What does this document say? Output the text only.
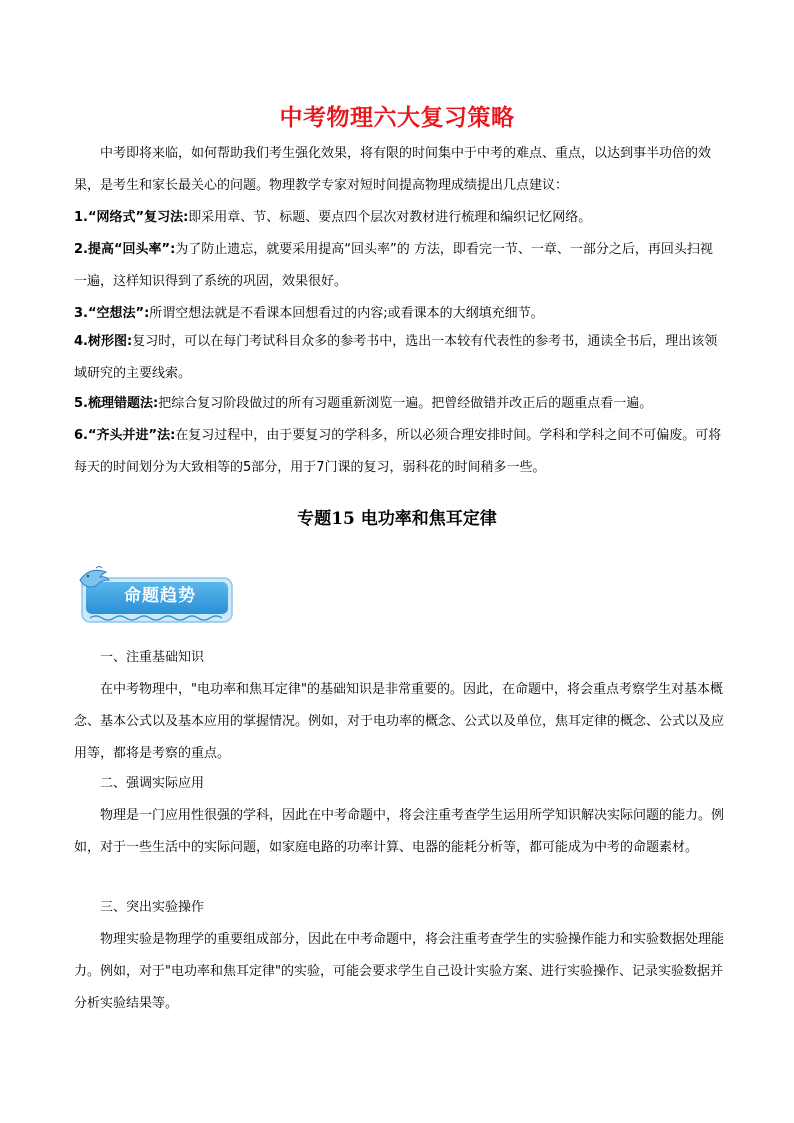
中考物理六大复习策略

中考即将来临，如何帮助我们考生强化效果，将有限的时间集中于中考的难点、重点，以达到事半功倍的效果，是考生和家长最关心的问题。物理教学专家对短时间提高物理成绩提出几点建议：

1.“网络式”复习法:即采用章、节、标题、要点四个层次对教材进行梳理和编织记忆网络。

2.提高“回头率”:为了防止遗忘，就要采用提高“回头率”的 方法，即看完一节、一章、一部分之后，再回头扫视一遍，这样知识得到了系统的巩固，效果很好。

3.“空想法”:所谓空想法就是不看课本回想看过的内容;或看课本的大纲填充细节。

4.树形图:复习时，可以在每门考试科目众多的参考书中，选出一本较有代表性的参考书，通读全书后，理出该领域研究的主要线索。

5.梳理错题法:把综合复习阶段做过的所有习题重新浏览一遍。把曾经做错并改正后的题重点看一遍。

6.“齐头并进”法:在复习过程中，由于要复习的学科多，所以必须合理安排时间。学科和学科之间不可偏废。可将每天的时间划分为大致相等的5部分，用于7门课的复习，弱科花的时间稍多一些。

专题15 电功率和焦耳定律
命题趋势

一、注重基础知识

在中考物理中，"电功率和焦耳定律"的基础知识是非常重要的。因此，在命题中，将会重点考察学生对基本概念、基本公式以及基本应用的掌握情况。例如，对于电功率的概念、公式以及单位，焦耳定律的概念、公式以及应用等，都将是考察的重点。

二、强调实际应用

物理是一门应用性很强的学科，因此在中考命题中，将会注重考查学生运用所学知识解决实际问题的能力。例如，对于一些生活中的实际问题，如家庭电路的功率计算、电器的能耗分析等，都可能成为中考的命题素材。

三、突出实验操作

物理实验是物理学的重要组成部分，因此在中考命题中，将会注重考查学生的实验操作能力和实验数据处理能力。例如，对于"电功率和焦耳定律"的实验，可能会要求学生自己设计实验方案、进行实验操作、记录实验数据并分析实验结果等。
